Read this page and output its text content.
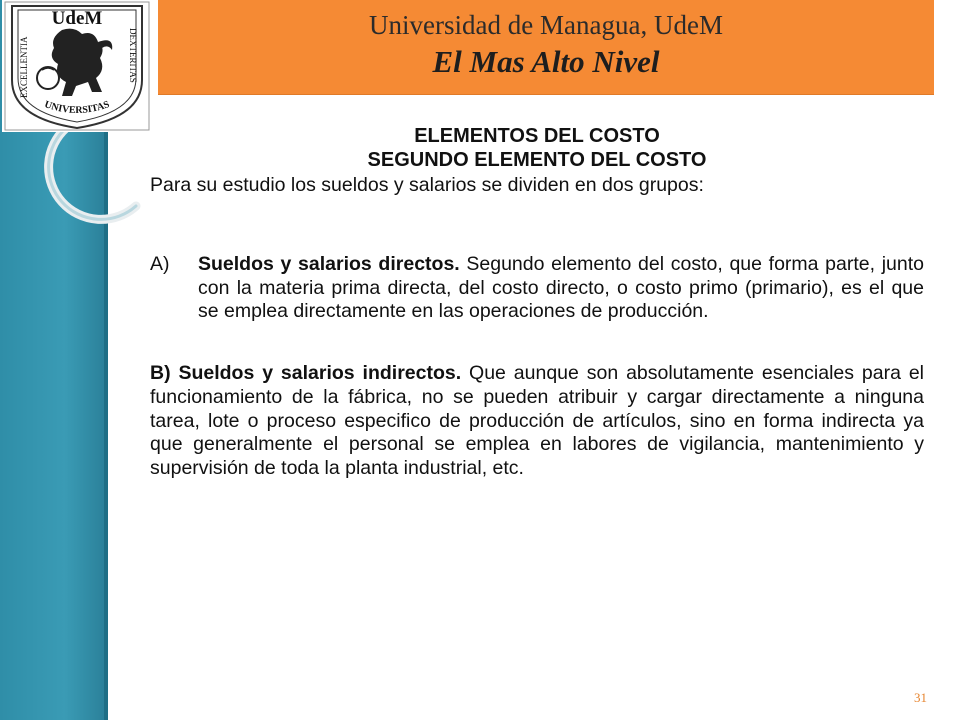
Universidad de Managua, UdeM
El Mas Alto Nivel
UdeM
EXCELLENTIA	DEXTERITAS
UNIVERSITAS
ELEMENTOS DEL COSTO
SEGUNDO ELEMENTO DEL COSTO
Para su estudio los sueldos y salarios se dividen en dos grupos:
A)	Sueldos y salarios directos. Segundo elemento del costo, que forma parte, junto con la materia prima directa, del costo directo, o costo primo (primario), es el que se emplea directamente en las operaciones de producción.
B) Sueldos y salarios indirectos. Que aunque son absolutamente esenciales para el funcionamiento de la fábrica, no se pueden atribuir y cargar directamente a ninguna tarea, lote o proceso especifico de producción de artículos, sino en forma indirecta ya que generalmente el personal se emplea en labores de vigilancia, mantenimiento y supervisión de toda la planta industrial, etc.
31
